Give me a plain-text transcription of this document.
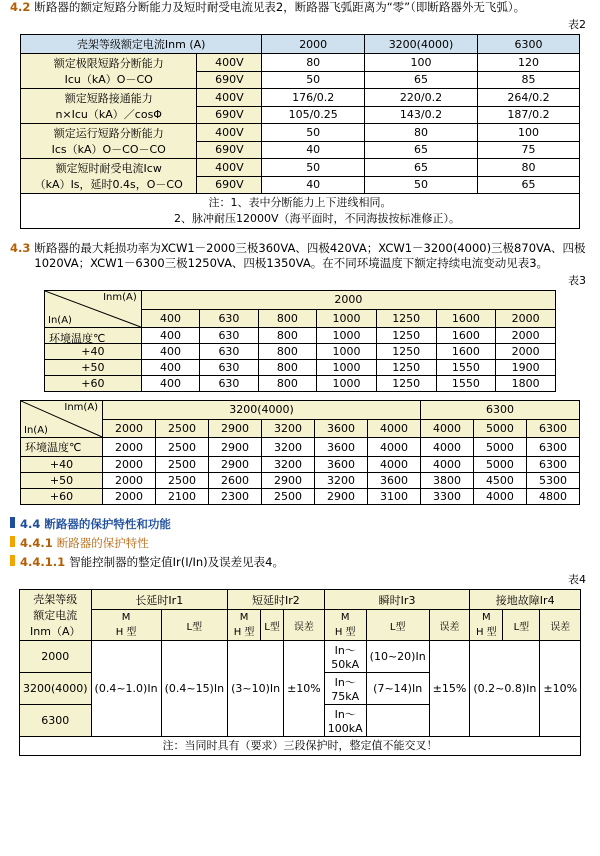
4.2 断路器的额定短路分断能力及短时耐受电流见表2，断路器飞弧距离为“零”（即断路器外无飞弧）。
表2
壳架等级额定电流Inm (A)		2000	3200(4000)	6300

额定极限短路分断能力
Icu（kA）O－CO	400V	80	100	120
	690V	50	65	85

额定短路接通能力
n×Icu（kA）／cosΦ	400V	176/0.2	220/0.2	264/0.2
	690V	105/0.25	143/0.2	187/0.2

额定运行短路分断能力
Ics（kA）O－CO－CO	400V	50	80	100
	690V	40	65	75

额定短时耐受电流Icw
（kA）Is，延时0.4s，O－CO	400V	50	65	80
	690V	40	50	65

注：1、表中分断能力上下进线相同。
2、脉冲耐压12000V（海平面时，不同海拔按标准修正）。				
4.3 断路器的最大耗损功率为XCW1－2000三极360VA、四极420VA；XCW1－3200(4000)三极870VA、四极1020VA；XCW1－6300三极1250VA、四极1350VA。在不同环境温度下额定持续电流变动见表3。
表3
Inm(A)
In(A)	2000						
	400	630	800	1000	1250	1600	2000

环境温度℃	400	630	800	1000	1250	1600	2000
+40	400	630	800	1000	1250	1600	2000
+50	400	630	800	1000	1250	1550	1900
+60	400	630	800	1000	1250	1550	1800
Inm(A)
In(A)	3200(4000)						6300		
	2000	2500	2900	3200	3600	4000	4000	5000	6300
环境温度℃	2000	2500	2900	3200	3600	4000	4000	5000	6300
+40	2000	2500	2900	3200	3600	4000	4000	5000	6300
+50	2000	2500	2600	2900	3200	3600	3800	4500	5300
+60	2000	2100	2300	2500	2900	3100	3300	4000	4800
4.4 断路器的保护特性和功能
4.4.1 断路器的保护特性
4.4.1.1 智能控制器的整定值Ir(I/In)及误差见表4。
表4
壳架等级
额定电流
Inm（A）	长延时Ir1		短延时Ir2			瞬时Ir3			接地故障Ir4		

M
H 型	L型	
M
H 型	L型	误差	
M
H 型	L型	误差	
M
H 型	L型	误差
2000	(0.4~1.0)In	(0.4~15)In	(3~10)In		±10%	In～50kA	(10~20)In	±15%	(0.2~0.8)In		±10%
3200(4000)						In～75kA	(7~14)In				
6300						In～100kA					
注：当同时具有（要求）三段保护时，整定值不能交叉！											
